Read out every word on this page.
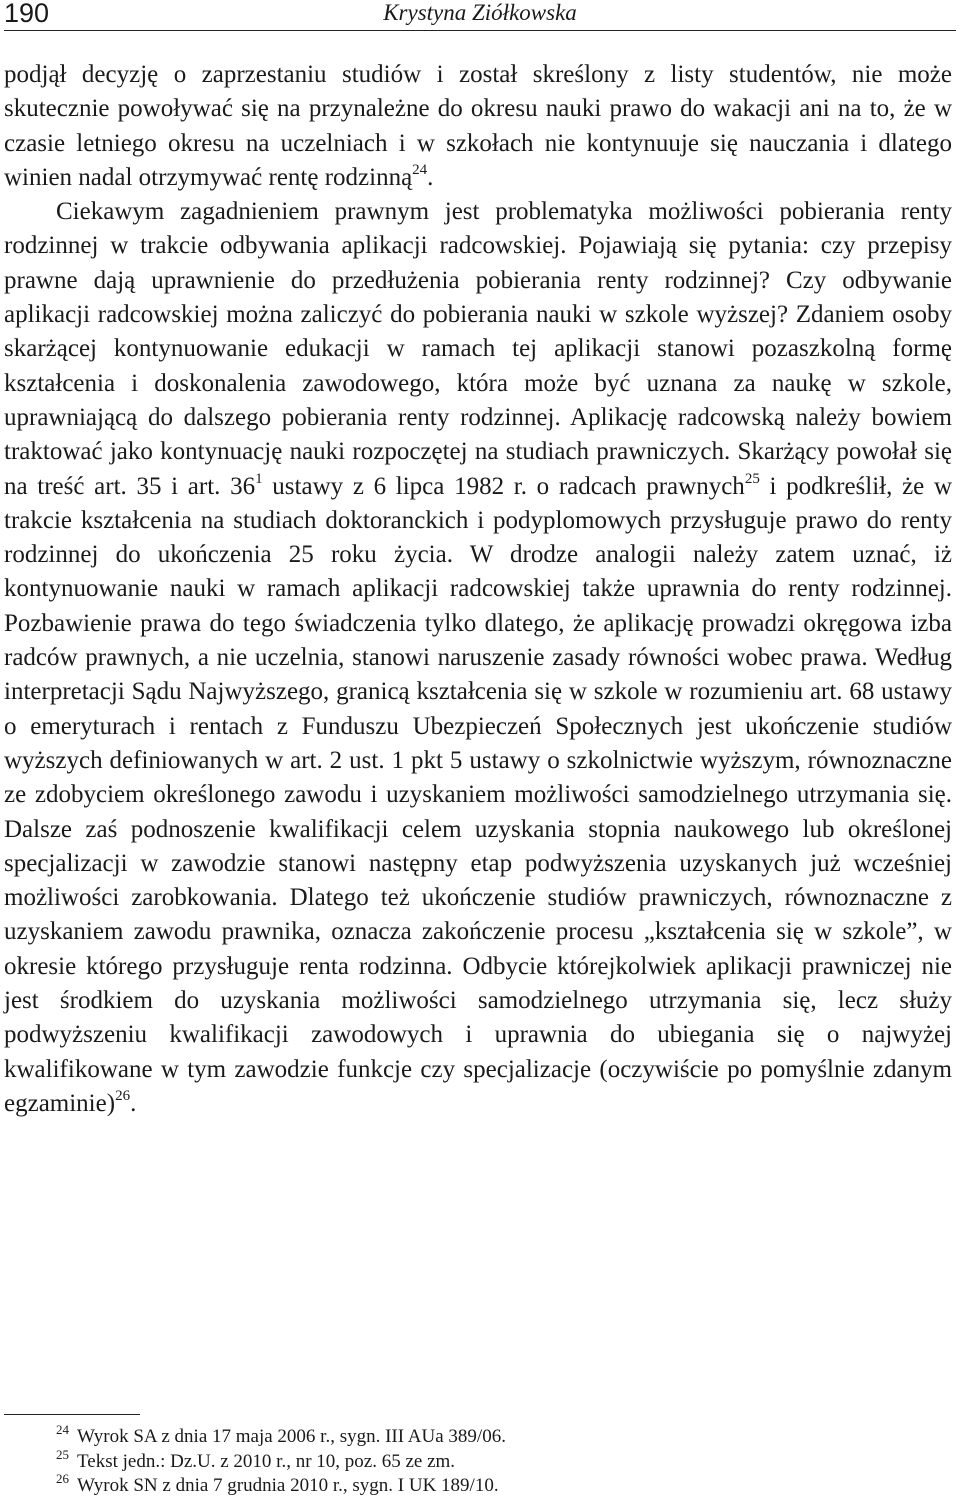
190	Krystyna Ziółkowska

podjął decyzję o zaprzestaniu studiów i został skreślony z listy studentów, nie może skutecznie powoływać się na przynależne do okresu nauki prawo do wakacji ani na to, że w czasie letniego okresu na uczelniach i w szkołach nie kontynuuje się nauczania i dlatego winien nadal otrzymywać rentę rodzinną$^{24}$.

Ciekawym zagadnieniem prawnym jest problematyka możliwości pobierania renty rodzinnej w trakcie odbywania aplikacji radcowskiej. Pojawiają się pytania: czy przepisy prawne dają uprawnienie do przedłużenia pobierania renty rodzinnej? Czy odbywanie aplikacji radcowskiej można zaliczyć do pobierania nauki w szkole wyższej? Zdaniem osoby skarżącej kontynuowanie edukacji w ramach tej aplikacji stanowi pozaszkolną formę kształcenia i doskonalenia zawodowego, która może być uznana za naukę w szkole, uprawniającą do dalszego pobierania renty rodzinnej. Aplikację radcowską należy bowiem traktować jako kontynuację nauki rozpoczętej na studiach prawniczych. Skarżący powołał się na treść art. 35 i art. $36^1$ ustawy z 6 lipca 1982 r. o radcach prawnych$^{25}$ i podkreślił, że w trakcie kształcenia na studiach doktoranckich i podyplomowych przysługuje prawo do renty rodzinnej do ukończenia 25 roku życia. W drodze analogii należy zatem uznać, iż kontynuowanie nauki w ramach aplikacji radcowskiej także uprawnia do renty rodzinnej. Pozbawienie prawa do tego świadczenia tylko dlatego, że aplikację prowadzi okręgowa izba radców prawnych, a nie uczelnia, stanowi naruszenie zasady równości wobec prawa. Według interpretacji Sądu Najwyższego, granicą kształcenia się w szkole w rozumieniu art. 68 ustawy o emeryturach i rentach z Funduszu Ubezpieczeń Społecznych jest ukończenie studiów wyższych definiowanych w art. 2 ust. 1 pkt 5 ustawy o szkolnictwie wyższym, równoznaczne ze zdobyciem określonego zawodu i uzyskaniem możliwości samodzielnego utrzymania się. Dalsze zaś podnoszenie kwalifikacji celem uzyskania stopnia naukowego lub określonej specjalizacji w zawodzie stanowi następny etap podwyższenia uzyskanych już wcześniej możliwości zarobkowania. Dlatego też ukończenie studiów prawniczych, równoznaczne z uzyskaniem zawodu prawnika, oznacza zakończenie procesu „kształcenia się w szkole”, w okresie którego przysługuje renta rodzinna. Odbycie którejkolwiek aplikacji prawniczej nie jest środkiem do uzyskania możliwości samodzielnego utrzymania się, lecz służy podwyższeniu kwalifikacji zawodowych i uprawnia do ubiegania się o najwyżej kwalifikowane w tym zawodzie funkcje czy specjalizacje (oczywiście po pomyślnie zdanym egzaminie)$^{26}$.

$^{24}$ Wyrok SA z dnia 17 maja 2006 r., sygn. III AUa 389/06.
$^{25}$ Tekst jedn.: Dz.U. z 2010 r., nr 10, poz. 65 ze zm.
$^{26}$ Wyrok SN z dnia 7 grudnia 2010 r., sygn. I UK 189/10.
